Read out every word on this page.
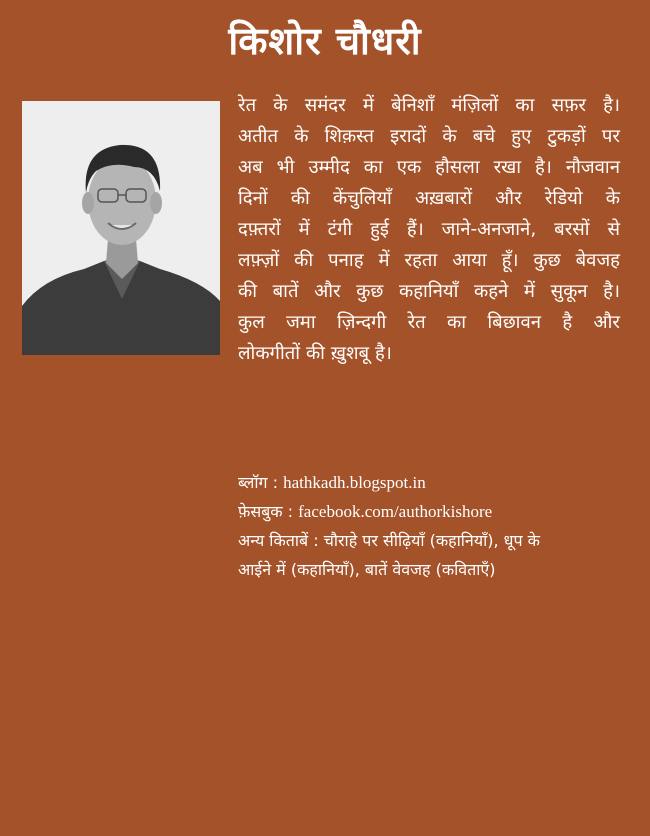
किशोर चौधरी
रेत के समंदर में बेनिशाँ मंज़िलों का सफ़र है।
अतीत के शिक़स्त इरादों के बचे हुए टुकड़ों पर
अब भी उम्मीद का एक हौसला रखा है। नौजवान
दिनों की केंचुलियाँ अख़बारों और रेडियो के
दफ़्तरों में टंगी हुई हैं। जाने-अनजाने, बरसों से
लफ़्ज़ों की पनाह में रहता आया हूँ। कुछ बेवजह
की बातें और कुछ कहानियाँ कहने में सुकून है।
कुल जमा ज़िन्दगी रेत का बिछावन है और
लोकगीतों की ख़ुशबू है।
ब्लॉग : hathkadh.blogspot.in
फ़ेसबुक : facebook.com/authorkishore
अन्य किताबें : चौराहे पर सीढ़ियाँ (कहानियाँ), धूप के
आईने में (कहानियाँ), बातें वेवजह (कविताएँ)
